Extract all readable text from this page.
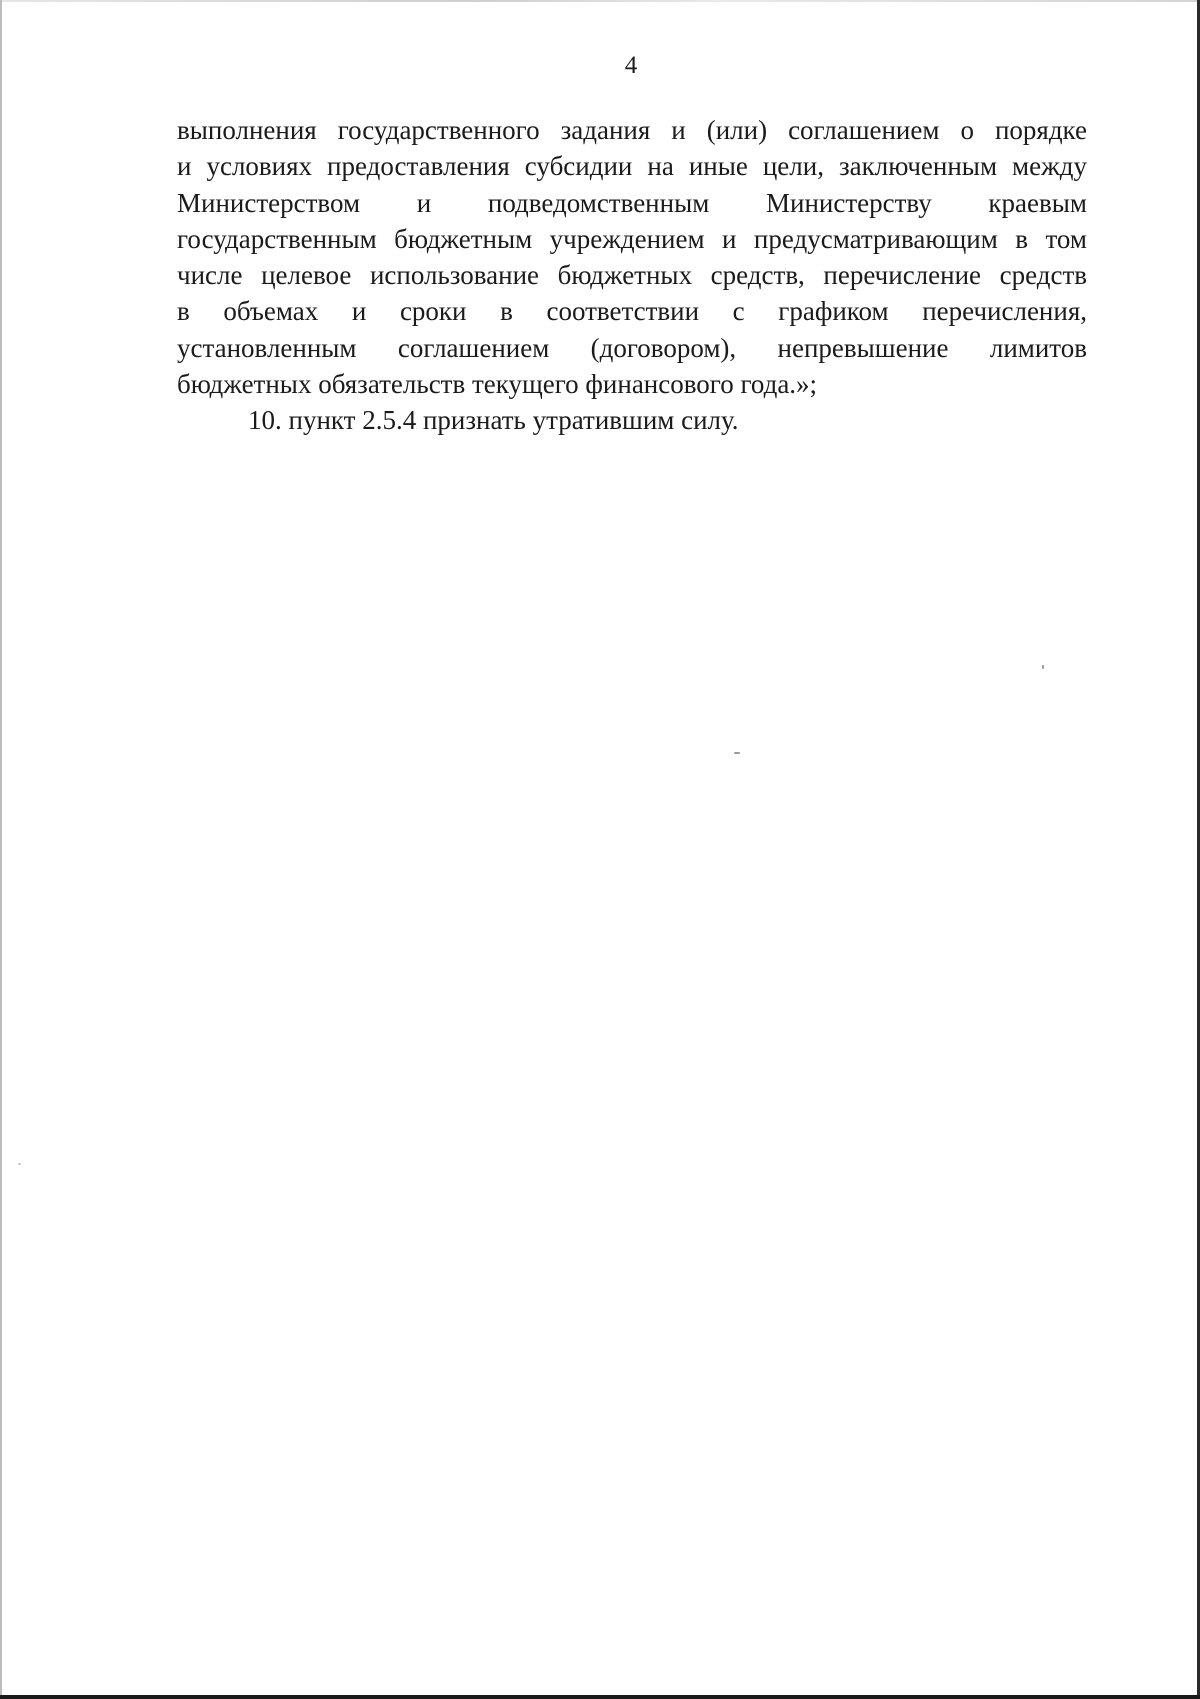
4
выполнения государственного задания и (или) соглашением о порядке
и условиях предоставления субсидии на иные цели, заключенным между
Министерством и подведомственным Министерству краевым
государственным бюджетным учреждением и предусматривающим в том
числе целевое использование бюджетных средств, перечисление средств
в объемах и сроки в соответствии с графиком перечисления,
установленным соглашением (договором), непревышение лимитов
бюджетных обязательств текущего финансового года.»;

10. пункт 2.5.4 признать утратившим силу.
